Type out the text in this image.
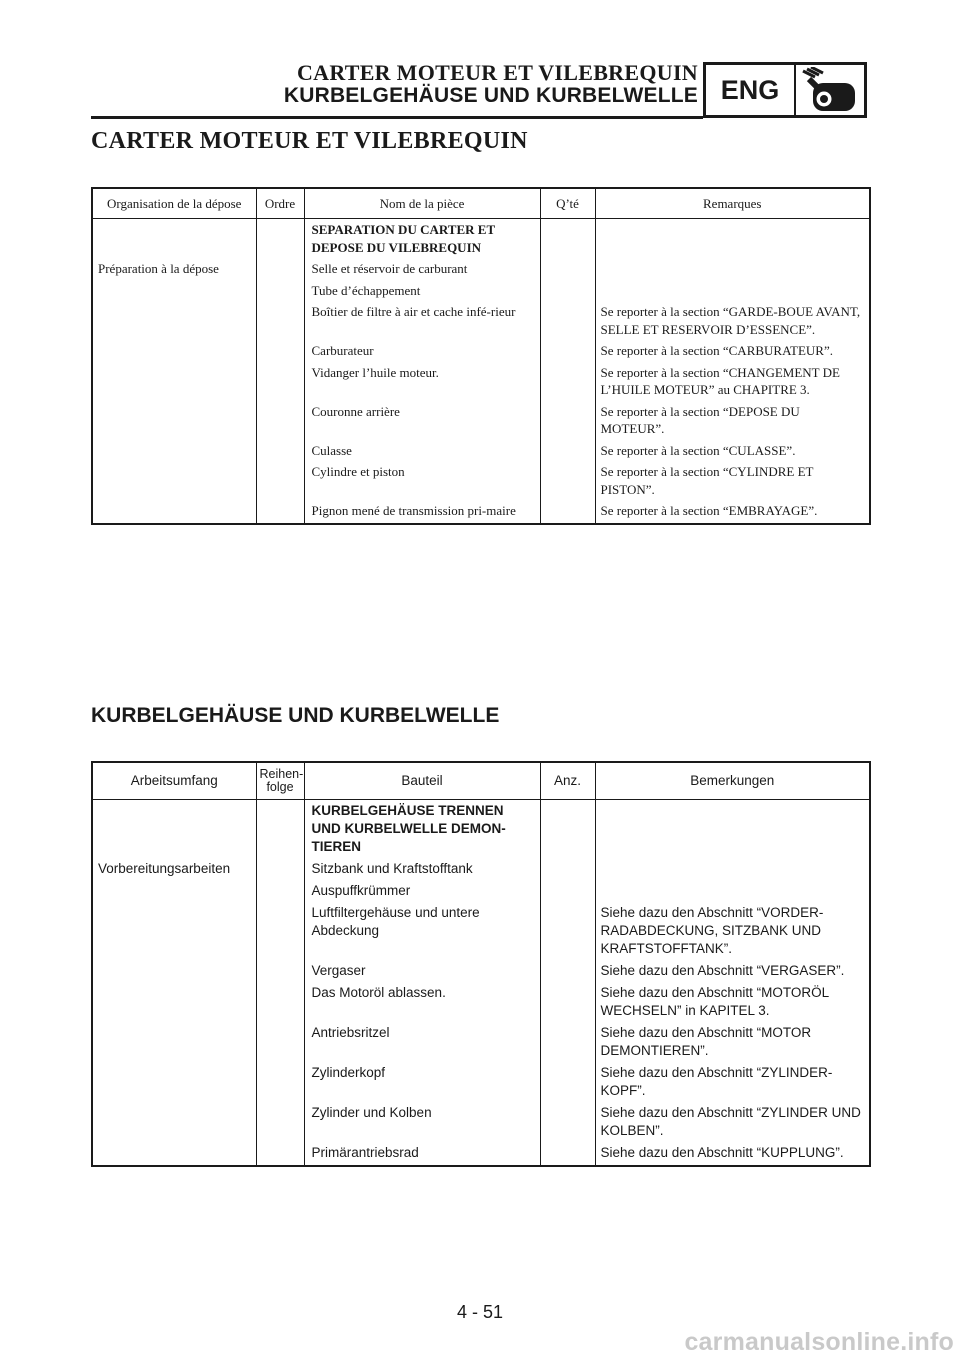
CARTER MOTEUR ET VILEBREQUIN
KURBELGEHÄUSE UND KURBELWELLE ENG
CARTER MOTEUR ET VILEBREQUIN
Organisation de la dépose	Ordre	Nom de la pièce	Q’té	Remarques
		SEPARATION DU CARTER ET DEPOSE DU VILEBREQUIN		
Préparation à la dépose		Selle et réservoir de carburant		
		Tube d’échappement		
		Boîtier de filtre à air et cache infé-rieur		Se reporter à la section “GARDE-BOUE AVANT, SELLE ET RESERVOIR D’ESSENCE”.
		Carburateur		Se reporter à la section “CARBURATEUR”.
		Vidanger l’huile moteur.		Se reporter à la section “CHANGEMENT DE L’HUILE MOTEUR” au CHAPITRE 3.
		Couronne arrière		Se reporter à la section “DEPOSE DU MOTEUR”.
		Culasse		Se reporter à la section “CULASSE”.
		Cylindre et piston		Se reporter à la section “CYLINDRE ET PISTON”.
		Pignon mené de transmission pri-maire		Se reporter à la section “EMBRAYAGE”.
KURBELGEHÄUSE UND KURBELWELLE
Arbeitsumfang	Reihen-folge	Bauteil	Anz.	Bemerkungen
		KURBELGEHÄUSE TRENNEN UND KURBELWELLE DEMON-TIEREN		
Vorbereitungsarbeiten		Sitzbank und Kraftstofftank		
		Auspuffkrümmer		
		Luftfiltergehäuse und untere Abdeckung		Siehe dazu den Abschnitt “VORDER-RADABDECKUNG, SITZBANK UND KRAFTSTOFFTANK”.
		Vergaser		Siehe dazu den Abschnitt “VERGASER”.
		Das Motoröl ablassen.		Siehe dazu den Abschnitt “MOTORÖL WECHSELN” in KAPITEL 3.
		Antriebsritzel		Siehe dazu den Abschnitt “MOTOR DEMONTIEREN”.
		Zylinderkopf		Siehe dazu den Abschnitt “ZYLINDER-KOPF”.
		Zylinder und Kolben		Siehe dazu den Abschnitt “ZYLINDER UND KOLBEN”.
		Primärantriebsrad		Siehe dazu den Abschnitt “KUPPLUNG”.
4 - 51
carmanualsonline.info
